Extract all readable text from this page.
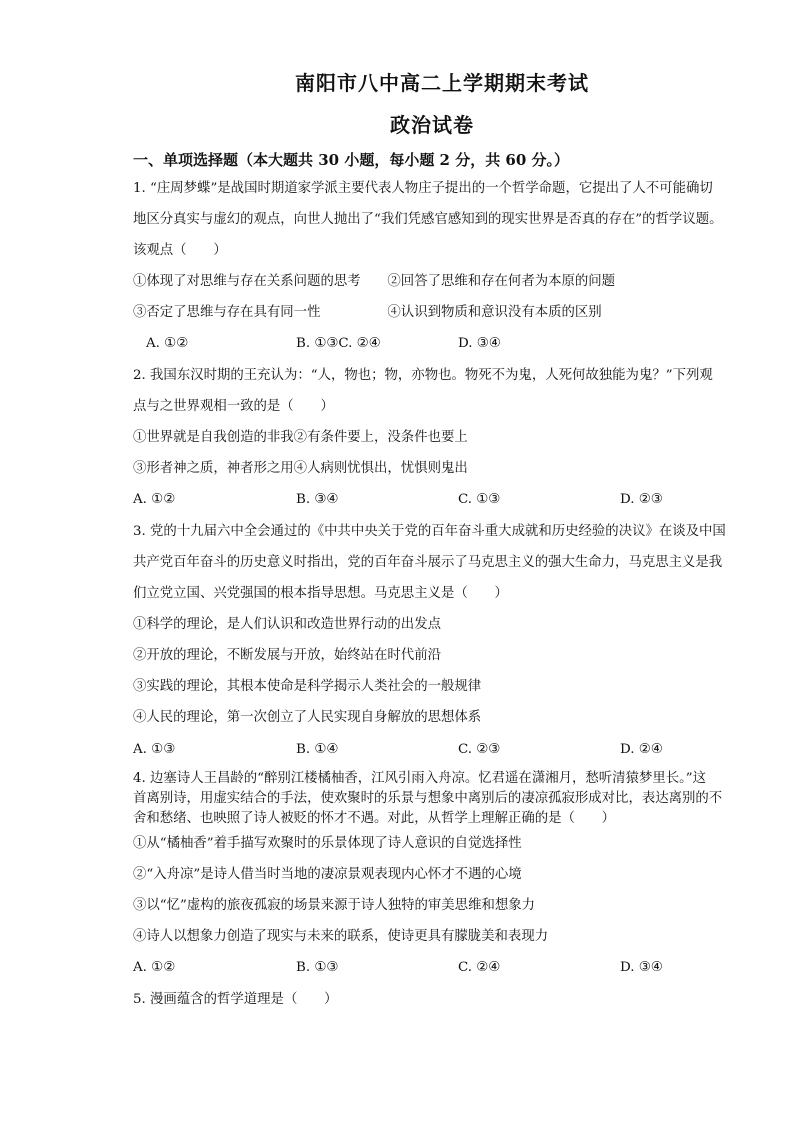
南阳市八中高二上学期期末考试
政治试卷
一、单项选择题（本大题共 30 小题，每小题 2 分，共 60 分。）
1. “庄周梦蝶”是战国时期道家学派主要代表人物庄子提出的一个哲学命题，它提出了人不可能确切
地区分真实与虚幻的观点，向世人抛出了“我们凭感官感知到的现实世界是否真的存在”的哲学议题。
该观点（　　）
①体现了对思维与存在关系问题的思考　　②回答了思维和存在何者为本原的问题
③否定了思维与存在具有同一性　　　　　④认识到物质和意识没有本质的区别
A. ①②	B. ①③C. ②④	D. ③④
2. 我国东汉时期的王充认为：“人，物也；物，亦物也。物死不为鬼，人死何故独能为鬼？”下列观
点与之世界观相一致的是（　　）
①世界就是自我创造的非我②有条件要上，没条件也要上
③形者神之质，神者形之用④人病则忧惧出，忧惧则鬼出
A. ①②	B. ③④	C. ①③	D. ②③
3. 党的十九届六中全会通过的《中共中央关于党的百年奋斗重大成就和历史经验的决议》在谈及中国
共产党百年奋斗的历史意义时指出，党的百年奋斗展示了马克思主义的强大生命力，马克思主义是我
们立党立国、兴党强国的根本指导思想。马克思主义是（　　）
①科学的理论，是人们认识和改造世界行动的出发点
②开放的理论，不断发展与开放，始终站在时代前沿
③实践的理论，其根本使命是科学揭示人类社会的一般规律
④人民的理论，第一次创立了人民实现自身解放的思想体系
A. ①③	B. ①④	C. ②③	D. ②④
4. 边塞诗人王昌龄的“醉别江楼橘柚香，江风引雨入舟凉。忆君遥在潇湘月，愁听清猿梦里长。”这
首离别诗，用虚实结合的手法，使欢聚时的乐景与想象中离别后的凄凉孤寂形成对比，表达离别的不
舍和愁绪、也映照了诗人被贬的怀才不遇。对此，从哲学上理解正确的是（　　）
①从“橘柚香”着手描写欢聚时的乐景体现了诗人意识的自觉选择性
②“入舟凉”是诗人借当时当地的凄凉景观表现内心怀才不遇的心境
③以“忆”虚构的旅夜孤寂的场景来源于诗人独特的审美思维和想象力
④诗人以想象力创造了现实与未来的联系，使诗更具有朦胧美和表现力
A. ①②	B. ①③	C. ②④	D. ③④
5. 漫画蕴含的哲学道理是（　　）
